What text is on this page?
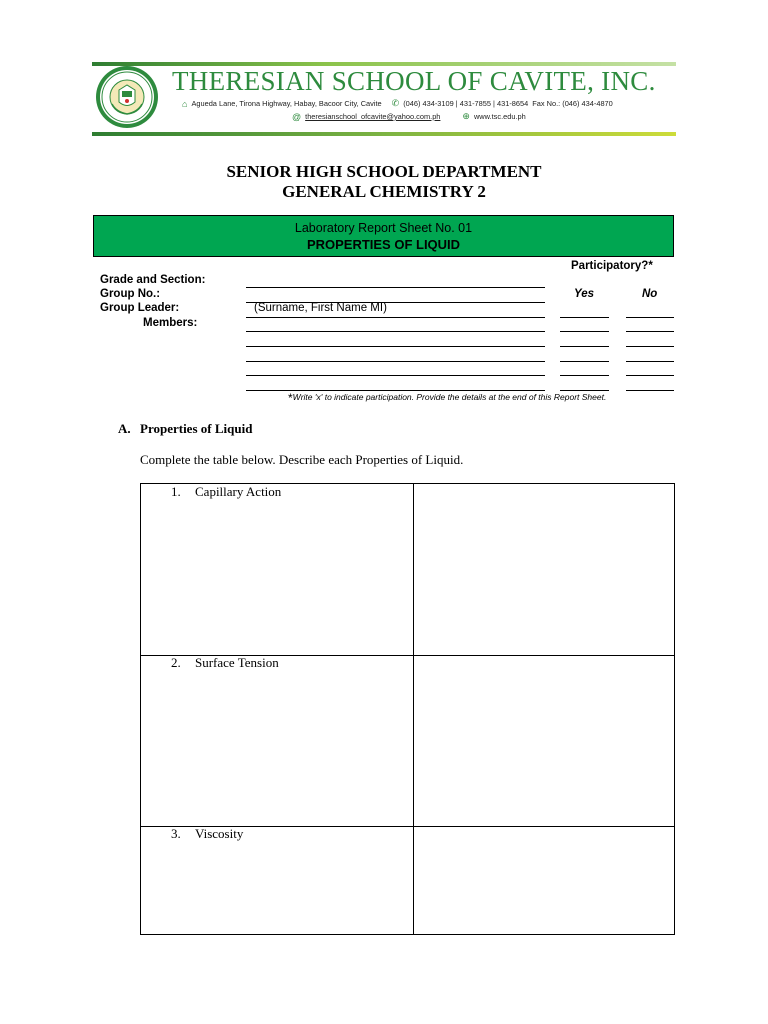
THERESIAN SCHOOL OF CAVITE, INC.
⌂ Agueda Lane, Tirona Highway, Habay, Bacoor City, Cavite ✆ (046) 434-3109 | 431-7855 | 431-8654 Fax No.: (046) 434-4870
@ theresianschool_ofcavite@yahoo.com.ph ⊕ www.tsc.edu.ph
SENIOR HIGH SCHOOL DEPARTMENT
GENERAL CHEMISTRY 2
Laboratory Report Sheet No. 01
PROPERTIES OF LIQUID
Participatory?*
Yes	No
Grade and Section:
Group No.:
Group Leader:
Members:
(Surname, First Name MI)
*Write 'x' to indicate participation. Provide the details at the end of this Report Sheet.
A. Properties of Liquid
Complete the table below. Describe each Properties of Liquid.
1. Capillary Action
2. Surface Tension
3. Viscosity
